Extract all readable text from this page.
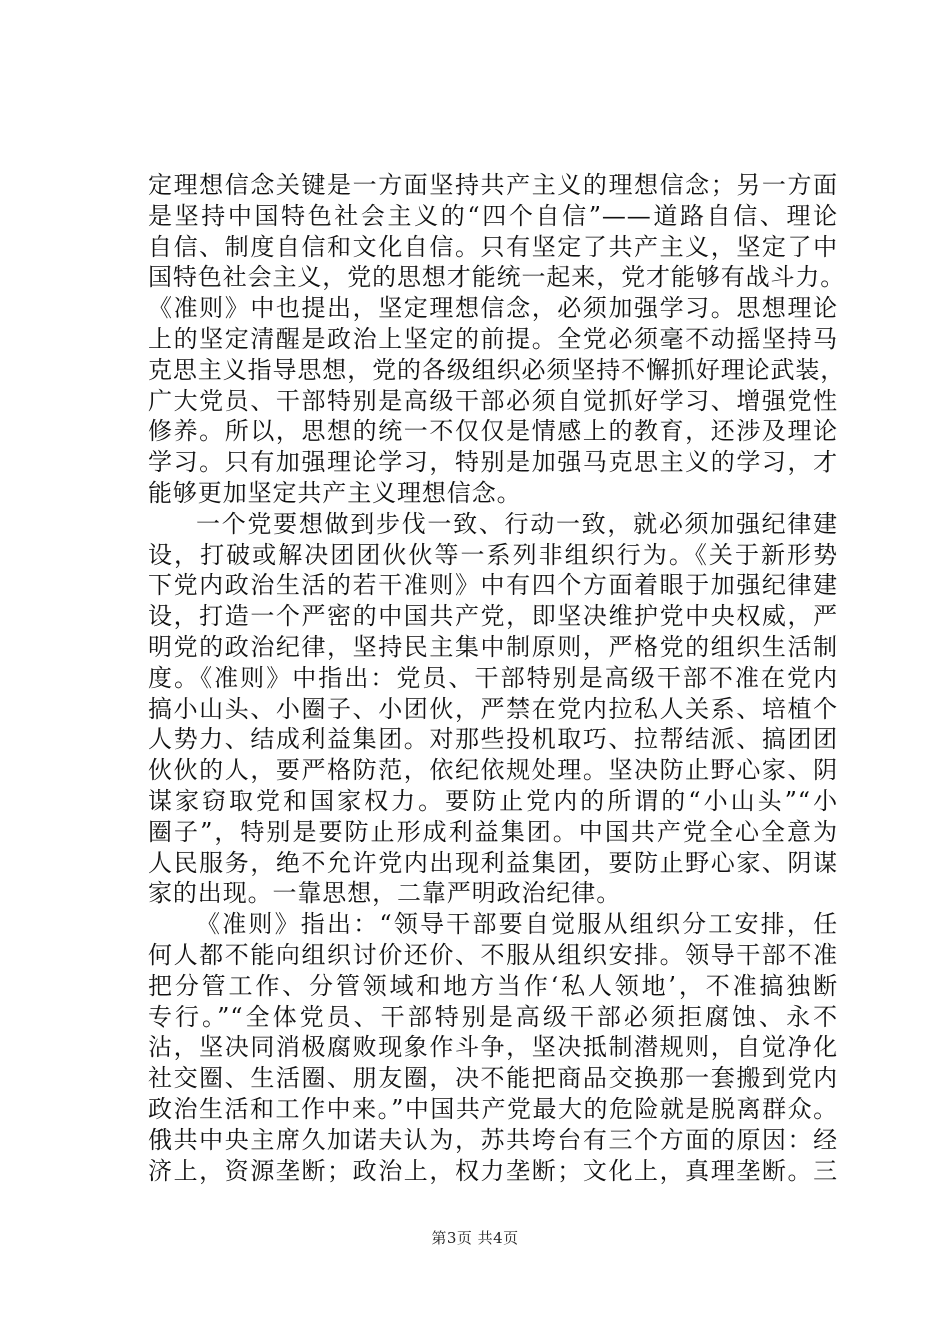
定理想信念关键是一方面坚持共产主义的理想信念；另一方面
是坚持中国特色社会主义的“四个自信”——道路自信、理论
自信、制度自信和文化自信。只有坚定了共产主义，坚定了中
国特色社会主义，党的思想才能统一起来，党才能够有战斗力。
《准则》中也提出，坚定理想信念，必须加强学习。思想理论
上的坚定清醒是政治上坚定的前提。全党必须毫不动摇坚持马
克思主义指导思想，党的各级组织必须坚持不懈抓好理论武装，
广大党员、干部特别是高级干部必须自觉抓好学习、增强党性
修养。所以，思想的统一不仅仅是情感上的教育，还涉及理论
学习。只有加强理论学习，特别是加强马克思主义的学习，才
能够更加坚定共产主义理想信念。
一个党要想做到步伐一致、行动一致，就必须加强纪律建
设，打破或解决团团伙伙等一系列非组织行为。《关于新形势
下党内政治生活的若干准则》中有四个方面着眼于加强纪律建
设，打造一个严密的中国共产党，即坚决维护党中央权威，严
明党的政治纪律，坚持民主集中制原则，严格党的组织生活制
度。《准则》中指出：党员、干部特别是高级干部不准在党内
搞小山头、小圈子、小团伙，严禁在党内拉私人关系、培植个
人势力、结成利益集团。对那些投机取巧、拉帮结派、搞团团
伙伙的人，要严格防范，依纪依规处理。坚决防止野心家、阴
谋家窃取党和国家权力。要防止党内的所谓的“小山头”“小
圈子”，特别是要防止形成利益集团。中国共产党全心全意为
人民服务，绝不允许党内出现利益集团，要防止野心家、阴谋
家的出现。一靠思想，二靠严明政治纪律。
《准则》指出：“领导干部要自觉服从组织分工安排，任
何人都不能向组织讨价还价、不服从组织安排。领导干部不准
把分管工作、分管领域和地方当作‘私人领地’，不准搞独断
专行。”“全体党员、干部特别是高级干部必须拒腐蚀、永不
沾，坚决同消极腐败现象作斗争，坚决抵制潜规则，自觉净化
社交圈、生活圈、朋友圈，决不能把商品交换那一套搬到党内
政治生活和工作中来。”中国共产党最大的危险就是脱离群众。
俄共中央主席久加诺夫认为，苏共垮台有三个方面的原因：经
济上，资源垄断；政治上，权力垄断；文化上，真理垄断。三
第3页 共4页
